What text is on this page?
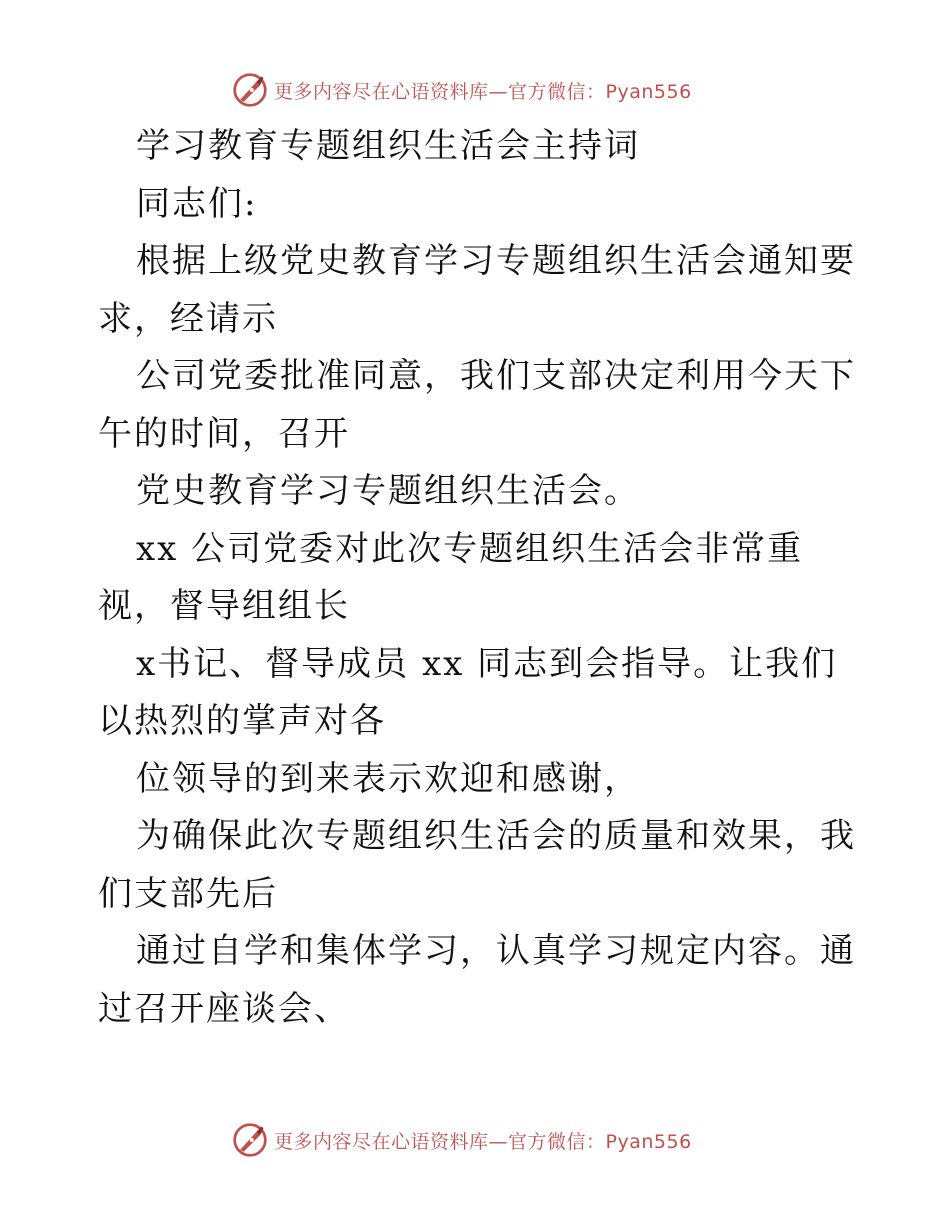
更多内容尽在心语资料库—官方微信：Pyan556

学习教育专题组织生活会主持词

同志们:

根据上级党史教育学习专题组织生活会通知要求，经请示

公司党委批准同意，我们支部决定利用今天下午的时间，召开

党史教育学习专题组织生活会。

xx 公司党委对此次专题组织生活会非常重视，督导组组长

x书记、督导成员 xx 同志到会指导。让我们以热烈的掌声对各

位领导的到来表示欢迎和感谢，

为确保此次专题组织生活会的质量和效果，我们支部先后

通过自学和集体学习，认真学习规定内容。通过召开座谈会、

更多内容尽在心语资料库—官方微信：Pyan556
